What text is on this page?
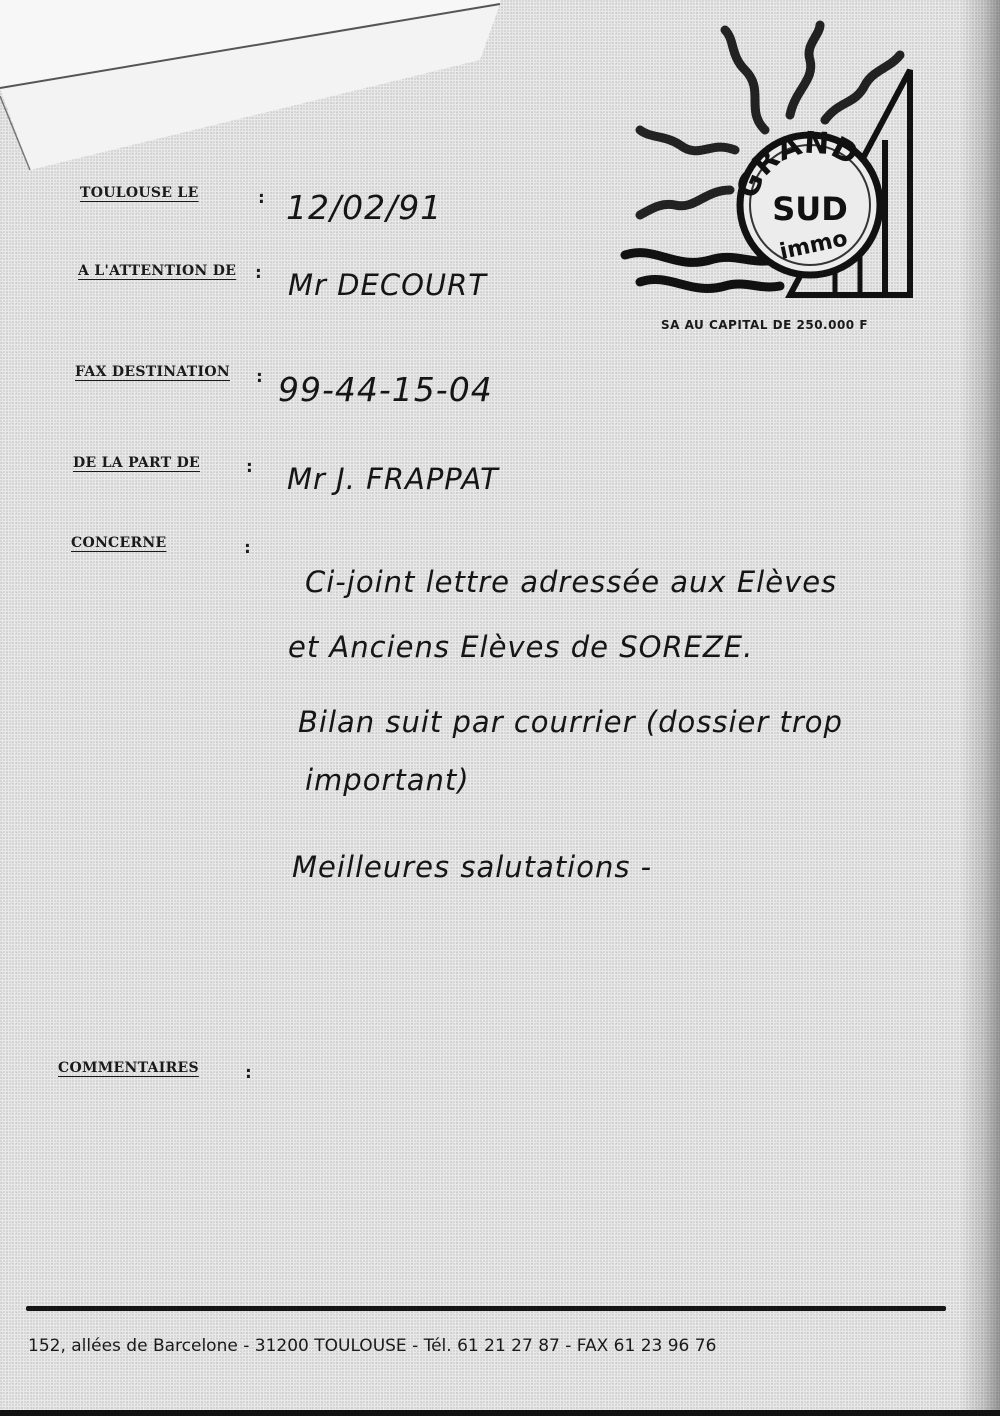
GRAND
SUD
immo
SA AU CAPITAL DE 250.000 F
TOULOUSE LE	: 12/02/91
A L'ATTENTION DE : Mr DECOURT
FAX DESTINATION : 99-44-15-04
DE LA PART DE : Mr J. FRAPPAT
CONCERNE	:
Ci-joint lettre adressée aux Elèves
et Anciens Elèves de SOREZE.
Bilan suit par courrier (dossier trop
important)
Meilleures salutations -
COMMENTAIRES :
152, allées de Barcelone - 31200 TOULOUSE - Tél. 61 21 27 87 - FAX 61 23 96 76
